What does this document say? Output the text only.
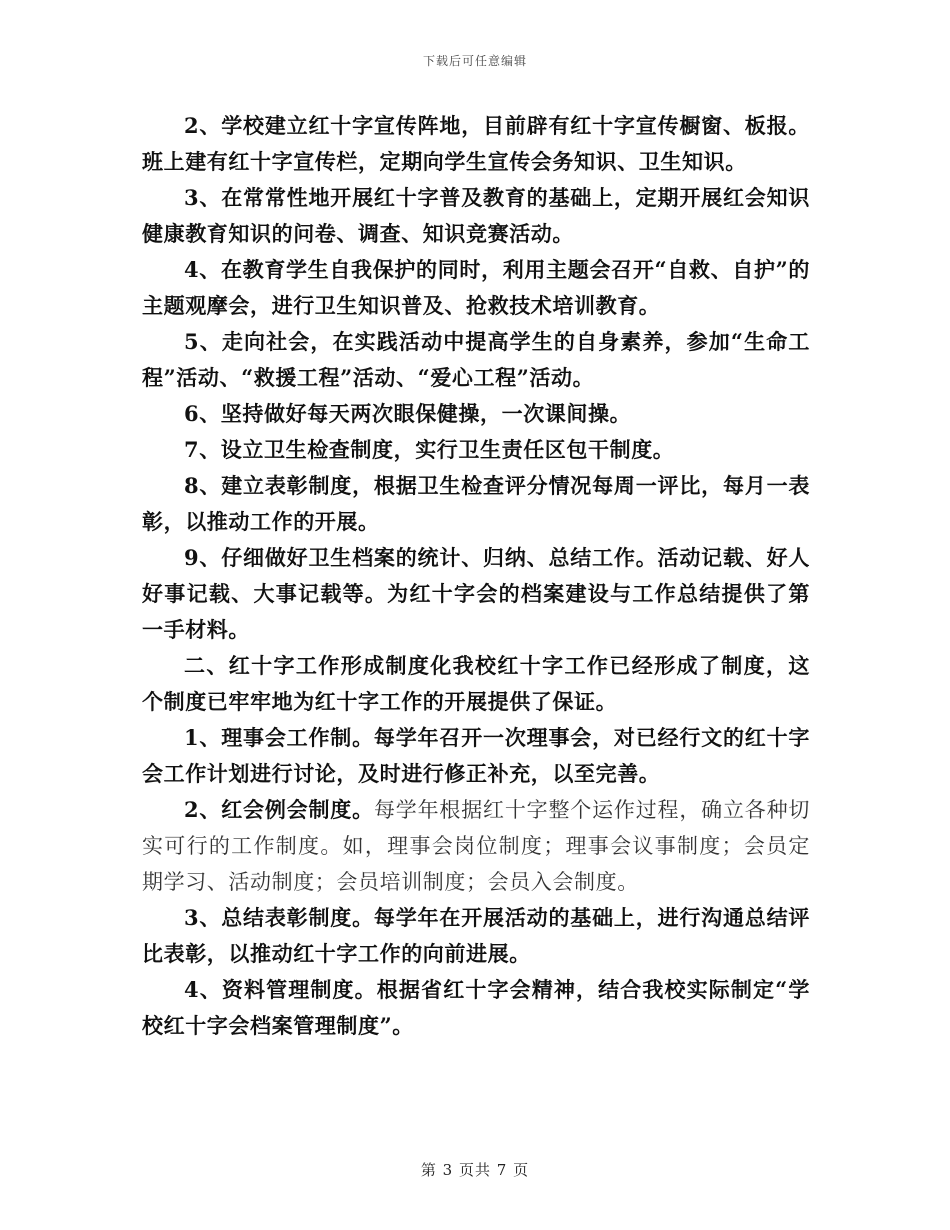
下载后可任意编辑

2、学校建立红十字宣传阵地，目前辟有红十字宣传橱窗、板报。班上建有红十字宣传栏，定期向学生宣传会务知识、卫生知识。

3、在常常性地开展红十字普及教育的基础上，定期开展红会知识健康教育知识的问卷、调查、知识竞赛活动。

4、在教育学生自我保护的同时，利用主题会召开“自救、自护”的主题观摩会，进行卫生知识普及、抢救技术培训教育。

5、走向社会，在实践活动中提高学生的自身素养，参加“生命工程”活动、“救援工程”活动、“爱心工程”活动。

6、坚持做好每天两次眼保健操，一次课间操。

7、设立卫生检查制度，实行卫生责任区包干制度。

8、建立表彰制度，根据卫生检查评分情况每周一评比，每月一表彰，以推动工作的开展。

9、仔细做好卫生档案的统计、归纳、总结工作。活动记载、好人好事记载、大事记载等。为红十字会的档案建设与工作总结提供了第一手材料。

二、红十字工作形成制度化我校红十字工作已经形成了制度，这个制度已牢牢地为红十字工作的开展提供了保证。

1、理事会工作制。每学年召开一次理事会，对已经行文的红十字会工作计划进行讨论，及时进行修正补充，以至完善。

2、红会例会制度。每学年根据红十字整个运作过程，确立各种切实可行的工作制度。如，理事会岗位制度；理事会议事制度；会员定期学习、活动制度；会员培训制度；会员入会制度。

3、总结表彰制度。每学年在开展活动的基础上，进行沟通总结评比表彰，以推动红十字工作的向前进展。

4、资料管理制度。根据省红十字会精神，结合我校实际制定“学校红十字会档案管理制度”。

第 3 页共 7 页
